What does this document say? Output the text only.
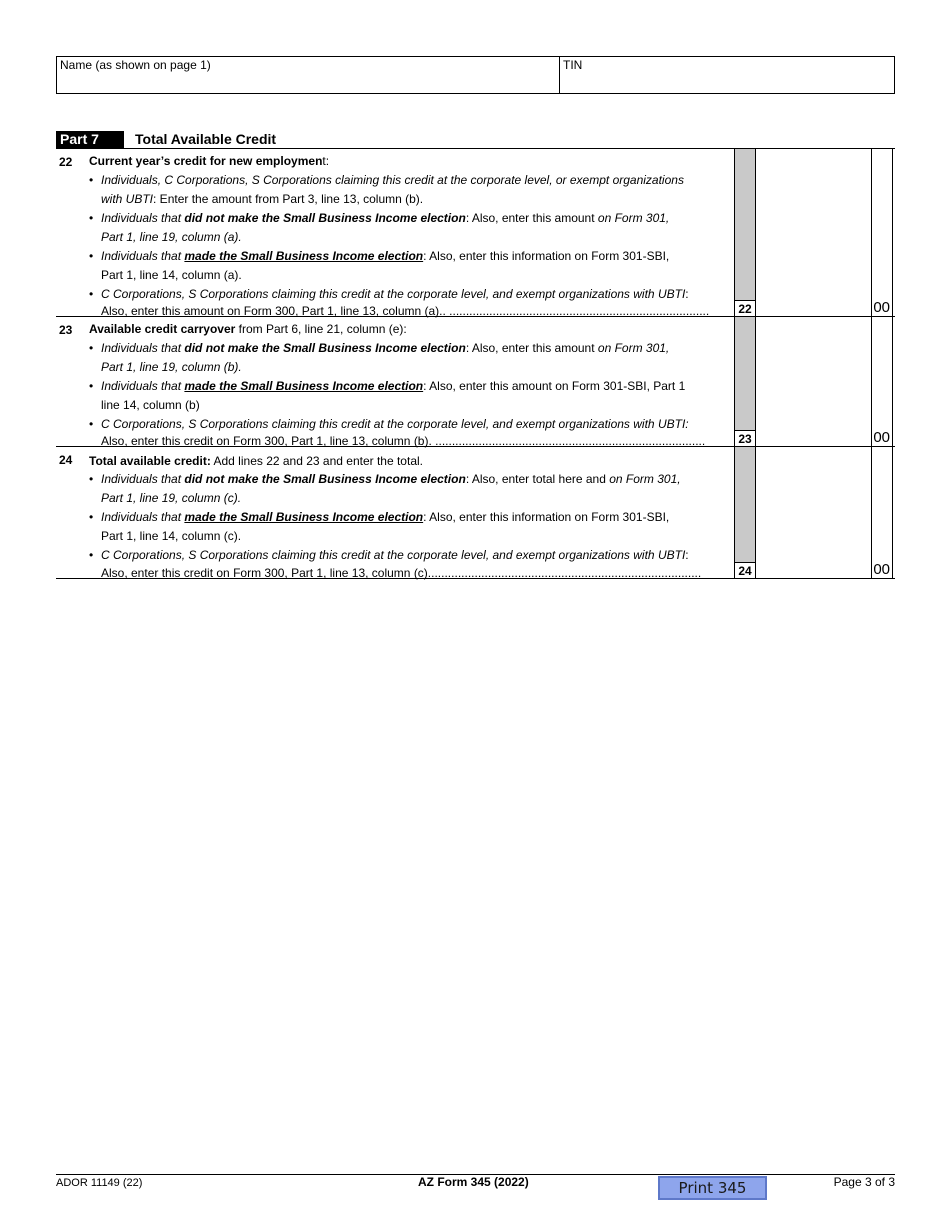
Name (as shown on page 1)	TIN
Part 7	Total Available Credit
22 Current year’s credit for new employment:
• Individuals, C Corporations, S Corporations claiming this credit at the corporate level, or exempt organizations
with UBTI: Enter the amount from Part 3, line 13, column (b).
• Individuals that did not make the Small Business Income election: Also, enter this amount on Form 301,
Part 1, line 19, column (a).
• Individuals that made the Small Business Income election: Also, enter this information on Form 301-SBI,
Part 1, line 14, column (a).
• C Corporations, S Corporations claiming this credit at the corporate level, and exempt organizations with UBTI:
Also, enter this amount on Form 300, Part 1, line 13, column (a).. ..............................................................................	22	00
23 Available credit carryover from Part 6, line 21, column (e):
• Individuals that did not make the Small Business Income election: Also, enter this amount on Form 301,
Part 1, line 19, column (b).
• Individuals that made the Small Business Income election: Also, enter this amount on Form 301-SBI, Part 1
line 14, column (b)
• C Corporations, S Corporations claiming this credit at the corporate level, and exempt organizations with UBTI:
Also, enter this credit on Form 300, Part 1, line 13, column (b). .................................................................................	23	00
24 Total available credit: Add lines 22 and 23 and enter the total.
• Individuals that did not make the Small Business Income election: Also, enter total here and on Form 301,
Part 1, line 19, column (c).
• Individuals that made the Small Business Income election: Also, enter this information on Form 301-SBI,
Part 1, line 14, column (c).
• C Corporations, S Corporations claiming this credit at the corporate level, and exempt organizations with UBTI:
Also, enter this credit on Form 300, Part 1, line 13, column (c)..................................................................................	24	00
ADOR 11149 (22)	AZ Form 345 (2022)	Print 345	Page 3 of 3
